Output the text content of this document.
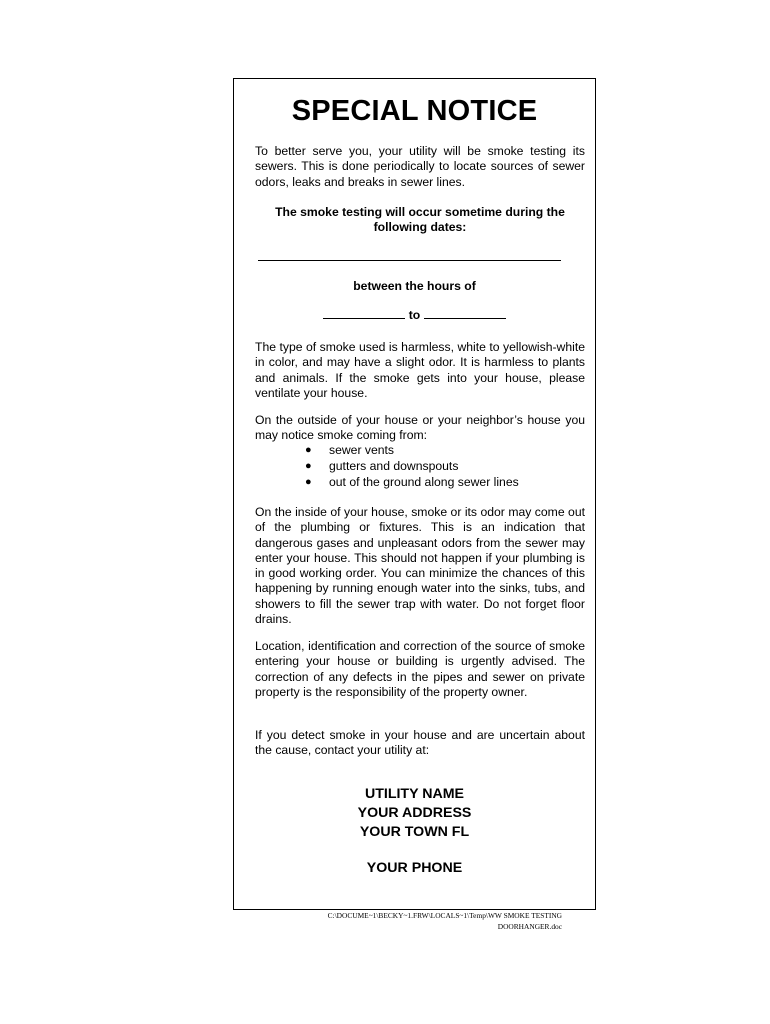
SPECIAL NOTICE

To better serve you, your utility will be smoke testing its sewers. This is done periodically to locate sources of sewer odors, leaks and breaks in sewer lines.

The smoke testing will occur sometime during the following dates:
between the hours of
to

The type of smoke used is harmless, white to yellowish-white in color, and may have a slight odor. It is harmless to plants and animals. If the smoke gets into your house, please ventilate your house.

On the outside of your house or your neighbor’s house you may notice smoke coming from:

● sewer vents
● gutters and downspouts
● out of the ground along sewer lines

On the inside of your house, smoke or its odor may come out of the plumbing or fixtures. This is an indication that dangerous gases and unpleasant odors from the sewer may enter your house. This should not happen if your plumbing is in good working order. You can minimize the chances of this happening by running enough water into the sinks, tubs, and showers to fill the sewer trap with water. Do not forget floor drains.

Location, identification and correction of the source of smoke entering your house or building is urgently advised. The correction of any defects in the pipes and sewer on private property is the responsibility of the property owner.

If you detect smoke in your house and are uncertain about the cause, contact your utility at:

UTILITY NAME
YOUR ADDRESS
YOUR TOWN FL
YOUR PHONE
C:\DOCUME~1\BECKY~1.FRW\LOCALS~1\Temp\WW SMOKE TESTING
DOORHANGER.doc
